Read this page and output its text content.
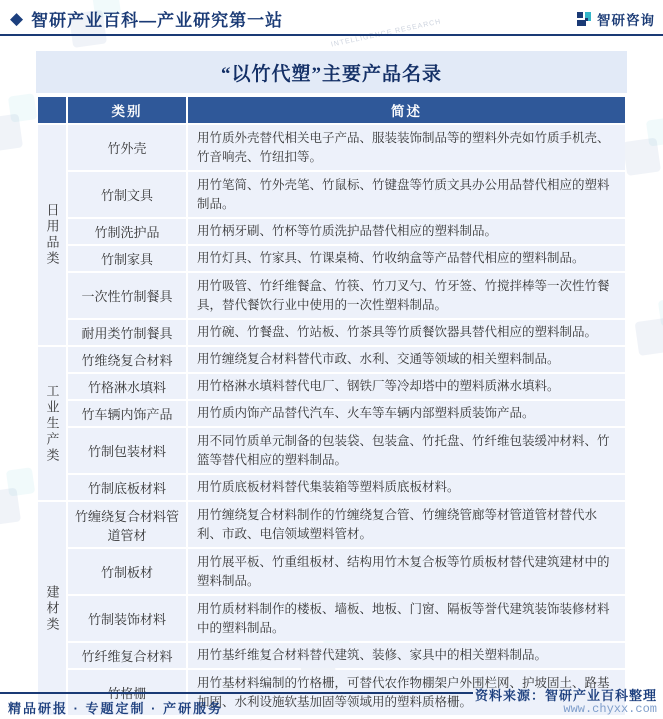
INTELLIGENCE RESEARCH
◆ 智研产业百科—产业研究第一站	智研咨询
“以竹代塑”主要产品名录
	类别	简述
日用品类	竹外壳	用竹质外壳替代相关电子产品、服装装饰制品等的塑料外壳如竹质手机壳、竹音响壳、竹纽扣等。
	竹制文具	用竹笔简、竹外壳笔、竹鼠标、竹键盘等竹质文具办公用品替代相应的塑料制品。
	竹制洗护品	用竹柄牙刷、竹杯等竹质洗护品替代相应的塑料制品。
	竹制家具	用竹灯具、竹家具、竹课桌椅、竹收纳盒等产品替代相应的塑料制品。
	一次性竹制餐具	用竹吸管、竹纤维餐盒、竹筷、竹刀叉勺、竹牙签、竹搅拌棒等一次性竹餐具，替代餐饮行业中使用的一次性塑料制品。
	耐用类竹制餐具	用竹碗、竹餐盘、竹站板、竹茶具等竹质餐饮器具替代相应的塑料制品。
工业生产类	竹维绕复合材料	用竹缠绕复合材料替代市政、水利、交通等领域的相关塑料制品。
	竹格淋水填料	用竹格淋水填料替代电厂、钢铁厂等冷却塔中的塑料质淋水填料。
	竹车辆内饰产品	用竹质内饰产品替代汽车、火车等车辆内部塑料质装饰产品。
	竹制包装材料	用不同竹质单元制备的包装袋、包装盒、竹托盘、竹纤维包装缓冲材料、竹篮等替代相应的塑料制品。
	竹制底板材料	用竹质底板材料替代集装箱等塑料质底板材料。
建材类	竹缠绕复合材料管道管材	用竹缠绕复合材料制作的竹缠绕复合管、竹缠绕管廊等材管道管材替代水利、市政、电信领域塑料管材。
	竹制板材	用竹展平板、竹重组板材、结构用竹木复合板等竹质板材替代建筑建材中的塑料制品。
	竹制装饰材料	用竹质材料制作的楼板、墙板、地板、门窗、隔板等誉代建筑装饰装修材料中的塑料制品。
	竹纤维复合材料	用竹基纤维复合材料替代建筑、装修、家具中的相关塑料制品。
	竹格栅	用竹基材料编制的竹格栅，可替代农作物棚架户外围栏网、护坡固土、路基加固、水利设施软基加固等领域用的塑料质格栅。
精品研报 · 专题定制 · 产研服务
资料来源：智研产业百科整理
www.chyxx.com
